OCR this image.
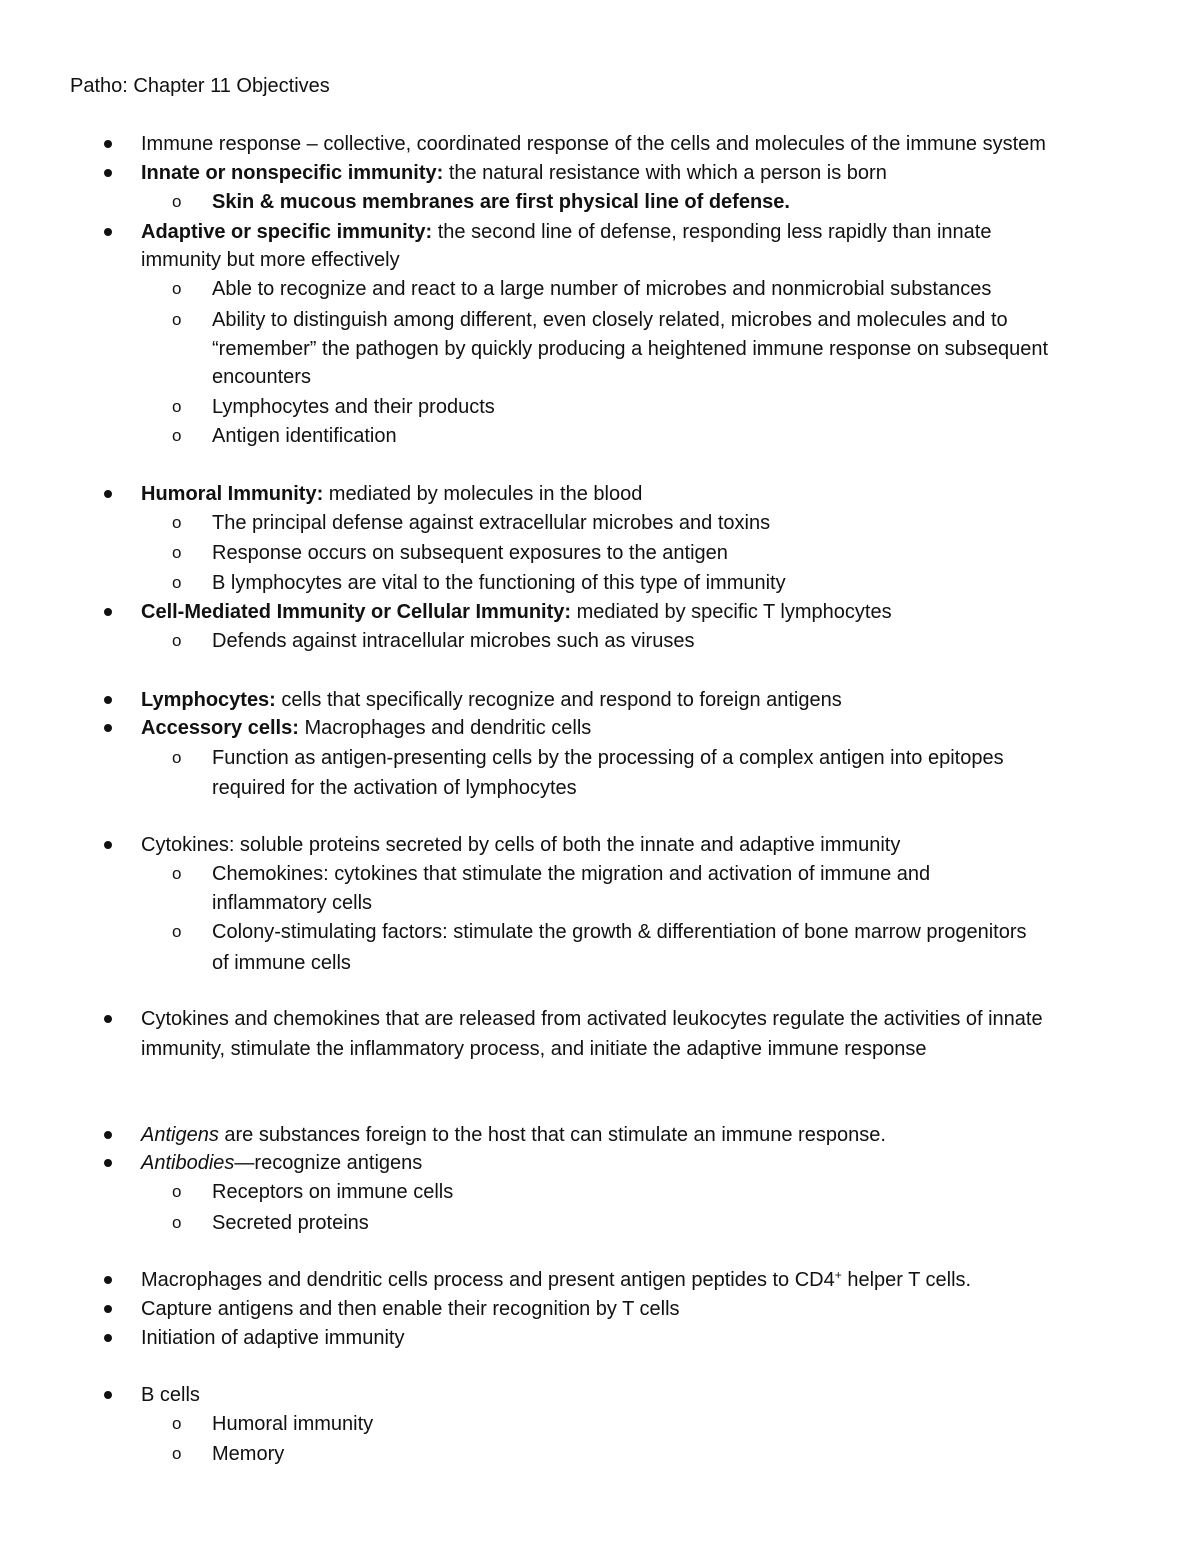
Patho: Chapter 11 Objectives
Immune response – collective, coordinated response of the cells and molecules of the immune system
Innate or nonspecific immunity: the natural resistance with which a person is born
o Skin & mucous membranes are first physical line of defense.
Adaptive or specific immunity: the second line of defense, responding less rapidly than innate
immunity but more effectively
o Able to recognize and react to a large number of microbes and nonmicrobial substances
o Ability to distinguish among different, even closely related, microbes and molecules and to
“remember” the pathogen by quickly producing a heightened immune response on subsequent
encounters
o Lymphocytes and their products
o Antigen identification
Humoral Immunity: mediated by molecules in the blood
o The principal defense against extracellular microbes and toxins
o Response occurs on subsequent exposures to the antigen
o B lymphocytes are vital to the functioning of this type of immunity
Cell-Mediated Immunity or Cellular Immunity: mediated by specific T lymphocytes
o Defends against intracellular microbes such as viruses
Lymphocytes: cells that specifically recognize and respond to foreign antigens
Accessory cells: Macrophages and dendritic cells
o Function as antigen-presenting cells by the processing of a complex antigen into epitopes
required for the activation of lymphocytes
Cytokines: soluble proteins secreted by cells of both the innate and adaptive immunity
o Chemokines: cytokines that stimulate the migration and activation of immune and
inflammatory cells
o Colony-stimulating factors: stimulate the growth & differentiation of bone marrow progenitors
of immune cells
Cytokines and chemokines that are released from activated leukocytes regulate the activities of innate
immunity, stimulate the inflammatory process, and initiate the adaptive immune response
Antigens are substances foreign to the host that can stimulate an immune response.
Antibodies—recognize antigens
o Receptors on immune cells
o Secreted proteins
Macrophages and dendritic cells process and present antigen peptides to CD4+ helper T cells.
Capture antigens and then enable their recognition by T cells
Initiation of adaptive immunity
B cells
o Humoral immunity
o Memory
